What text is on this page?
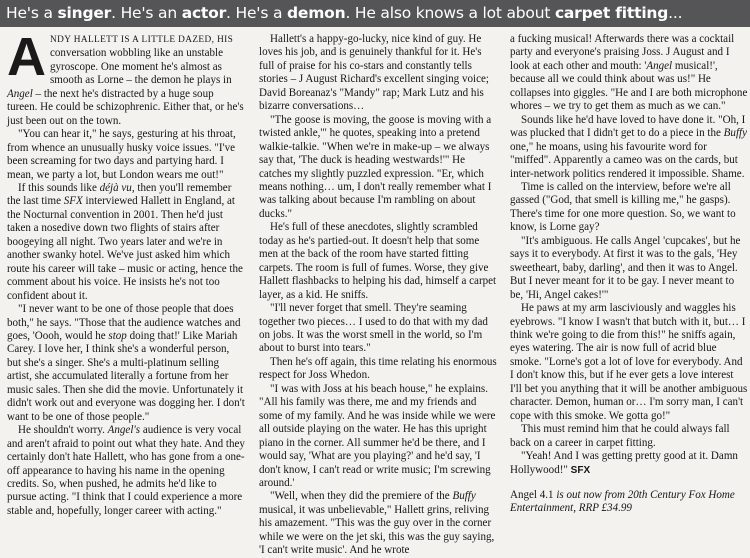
He's a singer. He's an actor. He's a demon. He also knows a lot about carpet fitting...

ANDY HALLETT IS A LITTLE DAZED, HIS conversation wobbling like an unstable gyroscope. One moment he's almost as smooth as Lorne – the demon he plays in Angel – the next he's distracted by a huge soup tureen. He could be schizophrenic. Either that, or he's just been out on the town.

"You can hear it," he says, gesturing at his throat, from whence an unusually husky voice issues. "I've been screaming for two days and partying hard. I mean, we party a lot, but London wears me out!"

If this sounds like déjà vu, then you'll remember the last time SFX interviewed Hallett in England, at the Nocturnal convention in 2001. Then he'd just taken a nosedive down two flights of stairs after boogeying all night. Two years later and we're in another swanky hotel. We've just asked him which route his career will take – music or acting, hence the comment about his voice. He insists he's not too confident about it.

"I never want to be one of those people that does both," he says. "Those that the audience watches and goes, 'Oooh, would he stop doing that!' Like Mariah Carey. I love her, I think she's a wonderful person, but she's a singer. She's a multi-platinum selling artist, she accumulated literally a fortune from her music sales. Then she did the movie. Unfortunately it didn't work out and everyone was dogging her. I don't want to be one of those people."

He shouldn't worry. Angel's audience is very vocal and aren't afraid to point out what they hate. And they certainly don't hate Hallett, who has gone from a one-off appearance to having his name in the opening credits. So, when pushed, he admits he'd like to pursue acting. "I think that I could experience a more stable and, hopefully, longer career with acting."

Hallett's a happy-go-lucky, nice kind of guy. He loves his job, and is genuinely thankful for it. He's full of praise for his co-stars and constantly tells stories – J August Richard's excellent singing voice; David Boreanaz's "Mandy" rap; Mark Lutz and his bizarre conversations…

"The goose is moving, the goose is moving with a twisted ankle,'" he quotes, speaking into a pretend walkie-talkie. "When we're in make-up – we always say that, 'The duck is heading westwards!'" He catches my slightly puzzled expression. "Er, which means nothing… um, I don't really remember what I was talking about because I'm rambling on about ducks."

He's full of these anecdotes, slightly scrambled today as he's partied-out. It doesn't help that some men at the back of the room have started fitting carpets. The room is full of fumes. Worse, they give Hallett flashbacks to helping his dad, himself a carpet layer, as a kid. He sniffs.

"I'll never forget that smell. They're seaming together two pieces… I used to do that with my dad on jobs. It was the worst smell in the world, so I'm about to burst into tears."

Then he's off again, this time relating his enormous respect for Joss Whedon.

"I was with Joss at his beach house," he explains. "All his family was there, me and my friends and some of my family. And he was inside while we were all outside playing on the water. He has this upright piano in the corner. All summer he'd be there, and I would say, 'What are you playing?' and he'd say, 'I don't know, I can't read or write music; I'm screwing around.'

"Well, when they did the premiere of the Buffy musical, it was unbelievable," Hallett grins, reliving his amazement. "This was the guy over in the corner while we were on the jet ski, this was the guy saying, 'I can't write music'. And he wrote

a fucking musical! Afterwards there was a cocktail party and everyone's praising Joss. J August and I look at each other and mouth: 'Angel musical!', because all we could think about was us!" He collapses into giggles. "He and I are both microphone whores – we try to get them as much as we can."

Sounds like he'd have loved to have done it. "Oh, I was plucked that I didn't get to do a piece in the Buffy one," he moans, using his favourite word for "miffed". Apparently a cameo was on the cards, but inter-network politics rendered it impossible. Shame.

Time is called on the interview, before we're all gassed ("God, that smell is killing me," he gasps). There's time for one more question. So, we want to know, is Lorne gay?

"It's ambiguous. He calls Angel 'cupcakes', but he says it to everybody. At first it was to the gals, 'Hey sweetheart, baby, darling', and then it was to Angel. But I never meant for it to be gay. I never meant to be, 'Hi, Angel cakes!'"

He paws at my arm lasciviously and waggles his eyebrows. "I know I wasn't that butch with it, but… I think we're going to die from this!" he sniffs again, eyes watering. The air is now full of acrid blue smoke. "Lorne's got a lot of love for everybody. And I don't know this, but if he ever gets a love interest I'll bet you anything that it will be another ambiguous character. Demon, human or… I'm sorry man, I can't cope with this smoke. We gotta go!"

This must remind him that he could always fall back on a career in carpet fitting.

"Yeah! And I was getting pretty good at it. Damn Hollywood!" SFX

Angel 4.1 is out now from 20th Century Fox Home Entertainment, RRP £34.99
